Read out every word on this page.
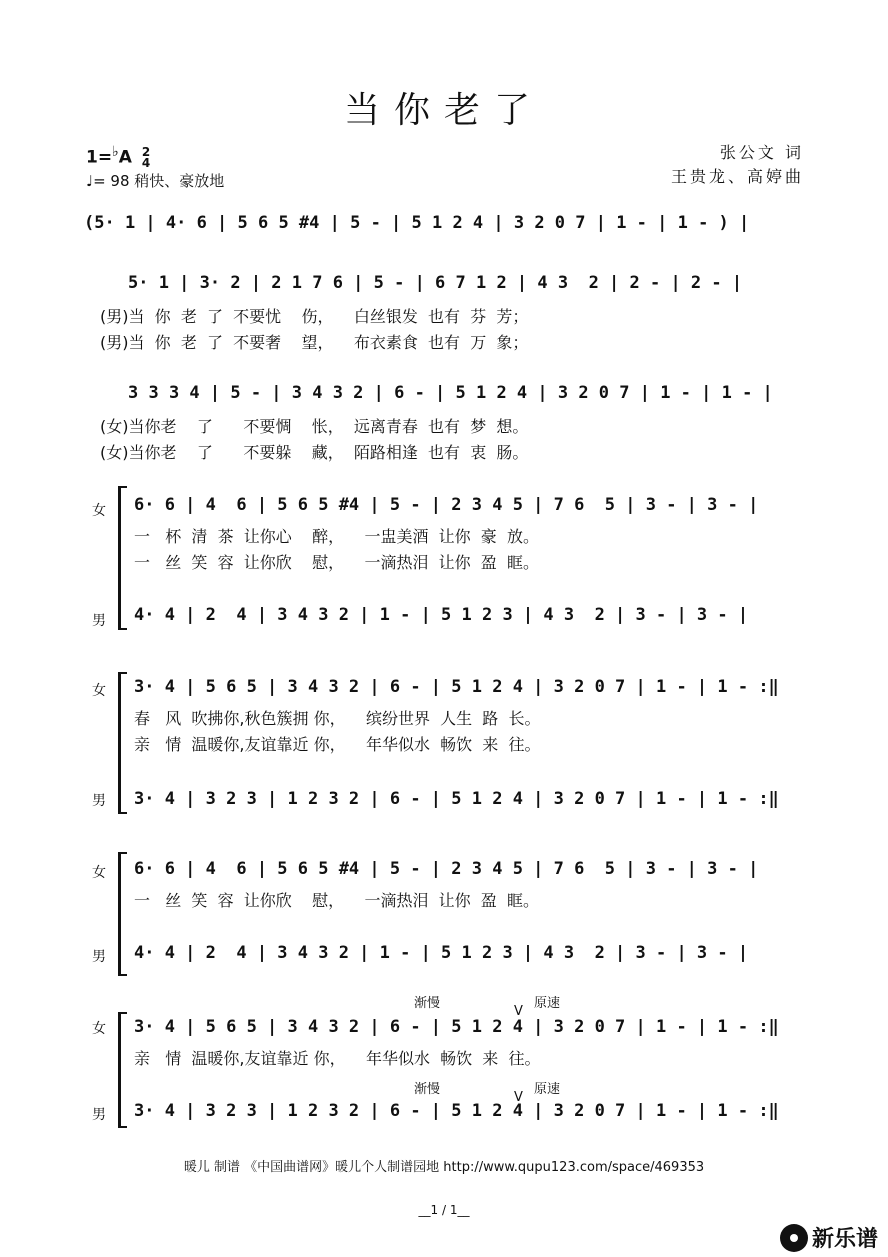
当你老了
1=♭A 2
4
♩= 98 稍快、豪放地
张公文 词
王贵龙、高婷曲
(5· 1 | 4· 6 | 5 6 5 #4 | 5 - | 5 1 2 4 | 3 2 0 7 | 1 - | 1 - ) |
5· 1 | 3· 2 | 2 1 7 6 | 5 - | 6 7 1 2 | 4 3  2 | 2 - | 2 - |
(男)当  你  老  了  不要忧    伤，    白丝银发  也有  芬  芳；
(男)当  你  老  了  不要奢    望，    布衣素食  也有  万  象；
3 3 3 4 | 5 - | 3 4 3 2 | 6 - | 5 1 2 4 | 3 2 0 7 | 1 - | 1 - |
(女)当你老    了      不要惆    怅，  远离青春  也有  梦  想。
(女)当你老    了      不要躲    藏，  陌路相逢  也有  衷  肠。
女 6· 6 | 4  6 | 5 6 5 #4 | 5 - | 2 3 4 5 | 7 6  5 | 3 - | 3 - |
一   杯  清  茶  让你心    醉，    一盅美酒  让你  豪  放。
一   丝  笑  容  让你欣    慰，    一滴热泪  让你  盈  眶。
男 4· 4 | 2  4 | 3 4 3 2 | 1 - | 5 1 2 3 | 4 3  2 | 3 - | 3 - |
女 3· 4 | 5 6 5 | 3 4 3 2 | 6 - | 5 1 2 4 | 3 2 0 7 | 1 - | 1 - :‖
春   风  吹拂你,秋色簇拥 你，    缤纷世界  人生  路  长。
亲   情  温暖你,友谊靠近 你，    年华似水  畅饮  来  往。
男 3· 4 | 3 2 3 | 1 2 3 2 | 6 - | 5 1 2 4 | 3 2 0 7 | 1 - | 1 - :‖
女 6· 6 | 4  6 | 5 6 5 #4 | 5 - | 2 3 4 5 | 7 6  5 | 3 - | 3 - |
一   丝  笑  容  让你欣    慰，    一滴热泪  让你  盈  眶。
男 4· 4 | 2  4 | 3 4 3 2 | 1 - | 5 1 2 3 | 4 3  2 | 3 - | 3 - |
渐慢	原速
V
女 3· 4 | 5 6 5 | 3 4 3 2 | 6 - | 5 1 2 4 | 3 2 0 7 | 1 - | 1 - :‖
亲   情  温暖你,友谊靠近 你，    年华似水  畅饮  来  往。
渐慢	原速
V
男 3· 4 | 3 2 3 | 1 2 3 2 | 6 - | 5 1 2 4 | 3 2 0 7 | 1 - | 1 - :‖
暖儿 制谱 《中国曲谱网》暖儿个人制谱园地 http://www.qupu123.com/space/469353
__1 / 1__
新乐谱
